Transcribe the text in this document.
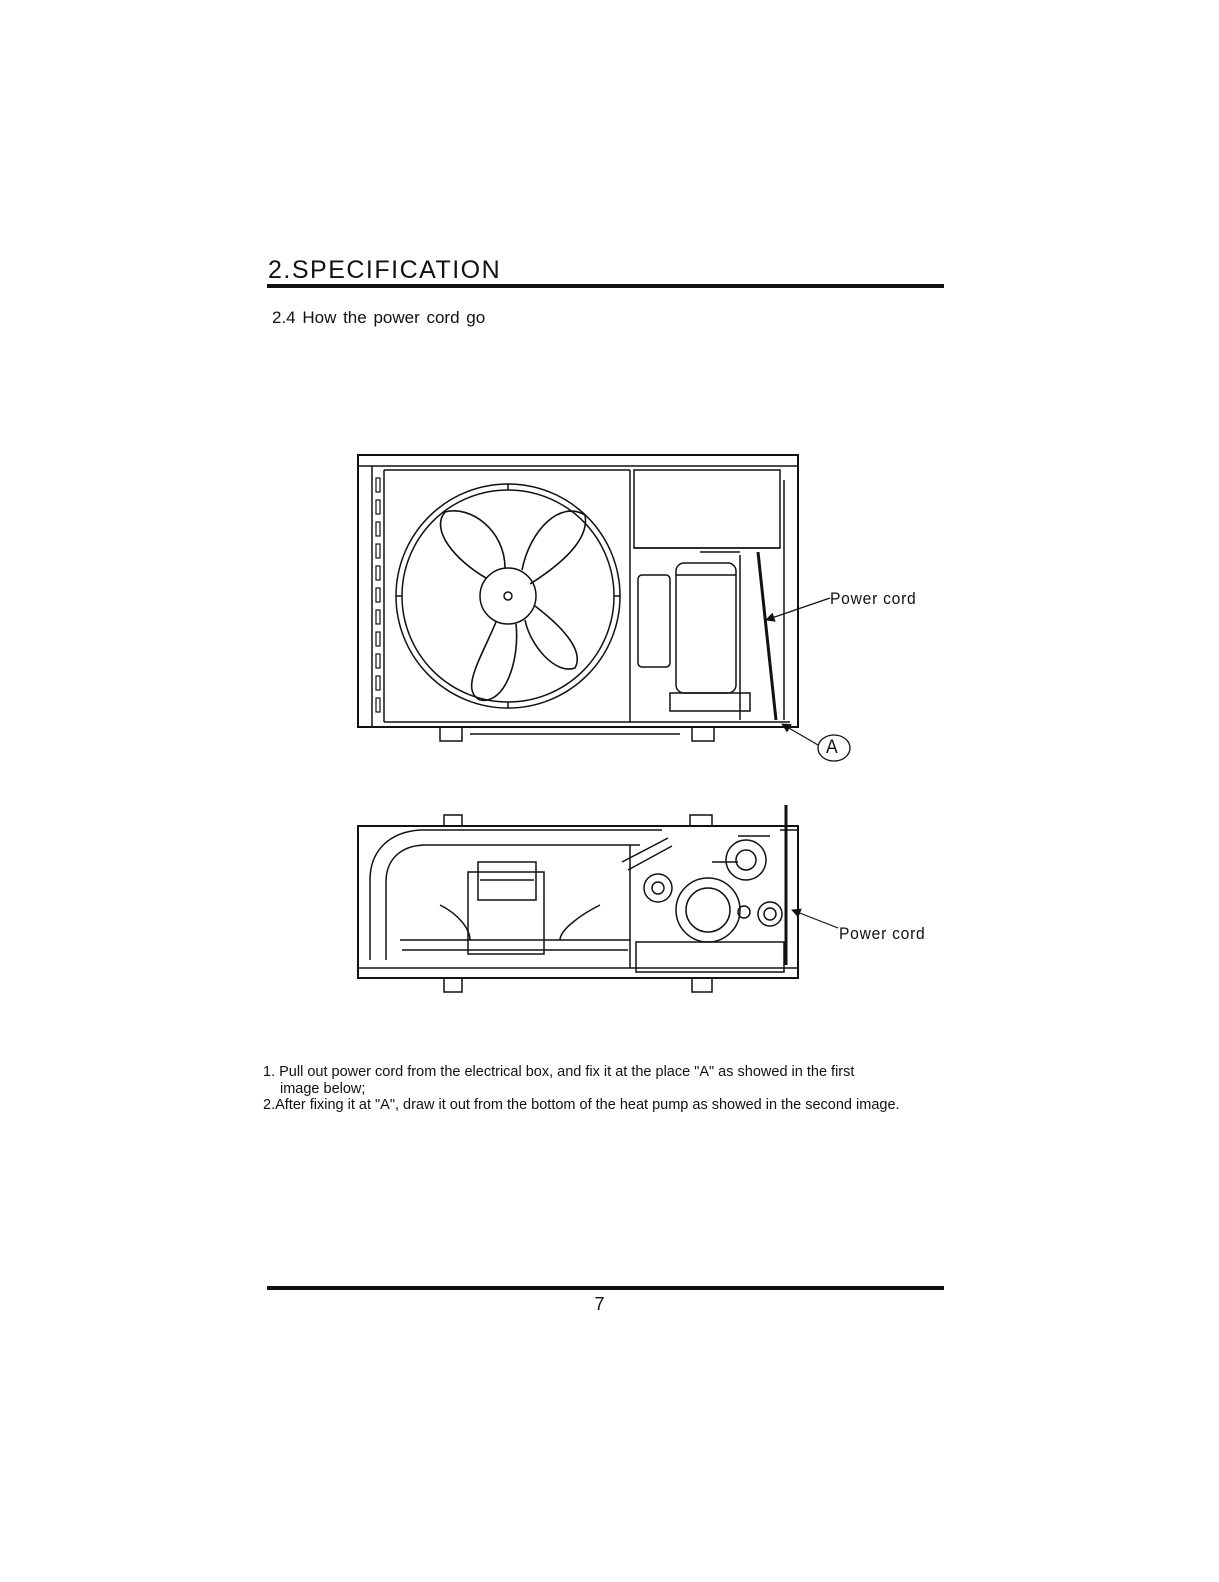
2.SPECIFICATION
2.4 How the power cord go
Power cord
A
Power cord
1. Pull out power cord from the electrical box, and fix it at the place "A" as showed in the first
image below;
2.After fixing it at "A", draw it out from the bottom of the heat pump as showed in the second image.
7
